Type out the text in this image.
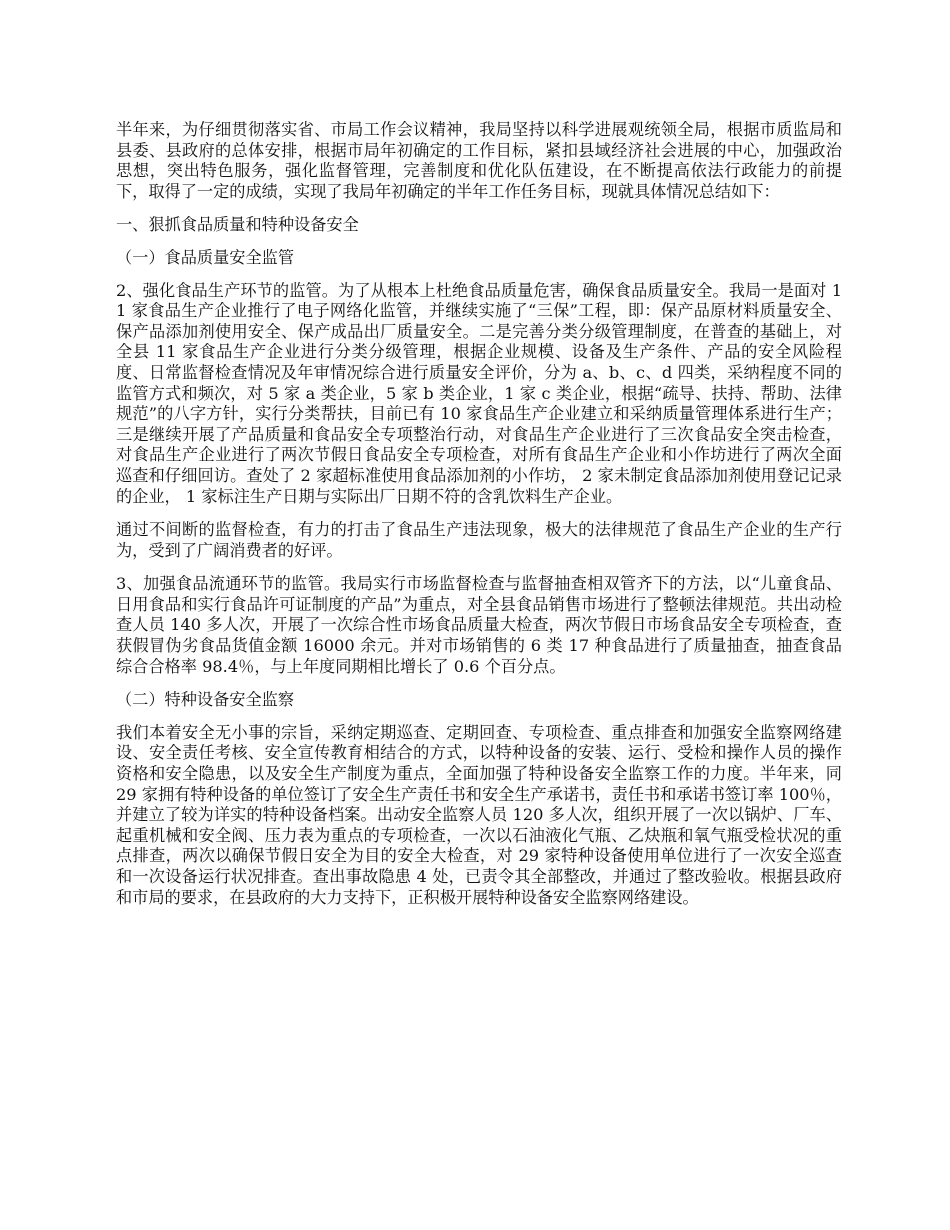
半年来，为仔细贯彻落实省、市局工作会议精神，我局坚持以科学进展观统领全局，根据市质监局和县委、县政府的总体安排，根据市局年初确定的工作目标，紧扣县域经济社会进展的中心，加强政治思想，突出特色服务，强化监督管理，完善制度和优化队伍建设，在不断提高依法行政能力的前提下，取得了一定的成绩，实现了我局年初确定的半年工作任务目标，现就具体情况总结如下：

一、狠抓食品质量和特种设备安全

（一）食品质量安全监管

2、强化食品生产环节的监管。为了从根本上杜绝食品质量危害，确保食品质量安全。我局一是面对 11 家食品生产企业推行了电子网络化监管，并继续实施了“三保”工程，即：保产品原材料质量安全、保产品添加剂使用安全、保产成品出厂质量安全。二是完善分类分级管理制度，在普查的基础上，对全县 11 家食品生产企业进行分类分级管理，根据企业规模、设备及生产条件、产品的安全风险程度、日常监督检查情况及年审情况综合进行质量安全评价，分为 a、b、c、d 四类，采纳程度不同的监管方式和频次，对 5 家 a 类企业，5 家 b 类企业，1 家 c 类企业，根据“疏导、扶持、帮助、法律规范”的八字方针，实行分类帮扶，目前已有 10 家食品生产企业建立和采纳质量管理体系进行生产；三是继续开展了产品质量和食品安全专项整治行动，对食品生产企业进行了三次食品安全突击检查，对食品生产企业进行了两次节假日食品安全专项检查，对所有食品生产企业和小作坊进行了两次全面巡查和仔细回访。查处了 2 家超标准使用食品添加剂的小作坊， 2 家未制定食品添加剂使用登记记录的企业， 1 家标注生产日期与实际出厂日期不符的含乳饮料生产企业。

通过不间断的监督检查，有力的打击了食品生产违法现象，极大的法律规范了食品生产企业的生产行为，受到了广阔消费者的好评。

3、加强食品流通环节的监管。我局实行市场监督检查与监督抽查相双管齐下的方法，以“儿童食品、日用食品和实行食品许可证制度的产品”为重点，对全县食品销售市场进行了整顿法律规范。共出动检查人员 140 多人次，开展了一次综合性市场食品质量大检查，两次节假日市场食品安全专项检查，查获假冒伪劣食品货值金额 16000 余元。并对市场销售的 6 类 17 种食品进行了质量抽查，抽查食品综合合格率 98.4％，与上年度同期相比增长了 0.6 个百分点。

（二）特种设备安全监察

我们本着安全无小事的宗旨，采纳定期巡查、定期回查、专项检查、重点排查和加强安全监察网络建设、安全责任考核、安全宣传教育相结合的方式，以特种设备的安装、运行、受检和操作人员的操作资格和安全隐患，以及安全生产制度为重点，全面加强了特种设备安全监察工作的力度。半年来，同 29 家拥有特种设备的单位签订了安全生产责任书和安全生产承诺书，责任书和承诺书签订率 100％，并建立了较为详实的特种设备档案。出动安全监察人员 120 多人次，组织开展了一次以锅炉、厂车、起重机械和安全阀、压力表为重点的专项检查，一次以石油液化气瓶、乙炔瓶和氧气瓶受检状况的重点排查，两次以确保节假日安全为目的安全大检查，对 29 家特种设备使用单位进行了一次安全巡查和一次设备运行状况排查。查出事故隐患 4 处，已责令其全部整改，并通过了整改验收。根据县政府和市局的要求，在县政府的大力支持下，正积极开展特种设备安全监察网络建设。
